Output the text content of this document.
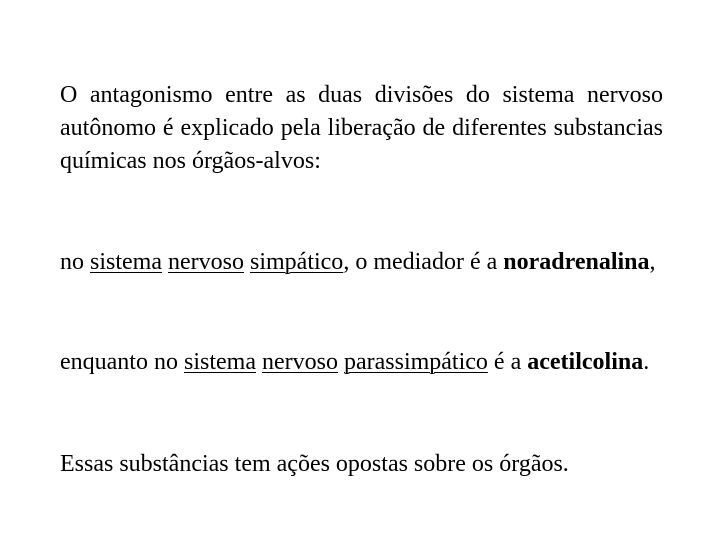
O antagonismo entre as duas divisões do sistema nervoso autônomo é explicado pela liberação de diferentes substancias químicas nos órgãos-alvos:

no sistema nervoso simpático, o mediador é a noradrenalina,

enquanto no sistema nervoso parassimpático é a acetilcolina.

Essas substâncias tem ações opostas sobre os órgãos.
